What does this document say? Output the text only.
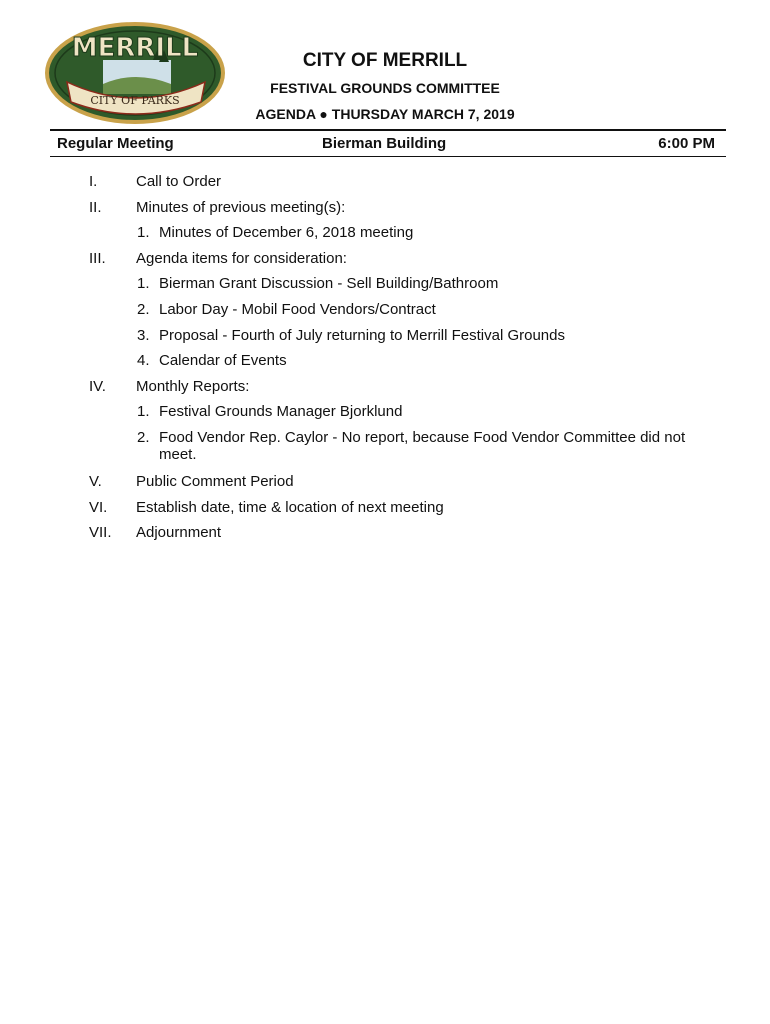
MERRILL
CITY OF PARKS
CITY OF MERRILL
FESTIVAL GROUNDS COMMITTEE
AGENDA ● THURSDAY MARCH 7, 2019
Regular Meeting	Bierman Building	6:00 PM
I.	Call to Order
II. Minutes of previous meeting(s):
1. Minutes of December 6, 2018 meeting
III. Agenda items for consideration:
1. Bierman Grant Discussion - Sell Building/Bathroom
2. Labor Day - Mobil Food Vendors/Contract
3. Proposal - Fourth of July returning to Merrill Festival Grounds
4. Calendar of Events
IV. Monthly Reports:
1. Festival Grounds Manager Bjorklund
2. Food Vendor Rep. Caylor - No report, because Food Vendor Committee did not meet.
V. Public Comment Period
VI. Establish date, time & location of next meeting
VII. Adjournment
